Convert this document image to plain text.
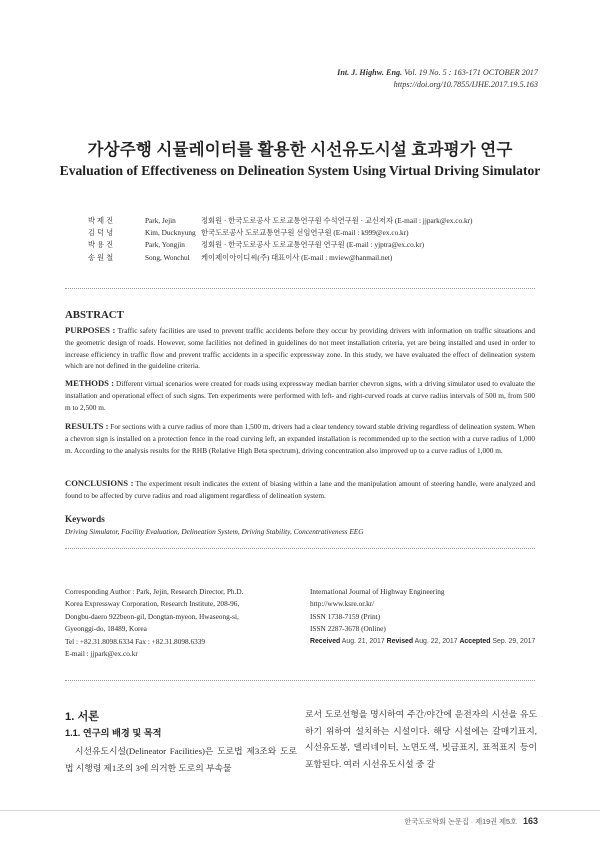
Int. J. Highw. Eng. Vol. 19 No. 5 : 163-171 OCTOBER 2017
https://doi.org/10.7855/IJHE.2017.19.5.163
가상주행 시뮬레이터를 활용한 시선유도시설 효과평가 연구
Evaluation of Effectiveness on Delineation System Using Virtual Driving Simulator
박제진	Park, Jejin	정회원 · 한국도로공사 도로교통연구원 수석연구원 · 교신저자 (E-mail : jjpark@ex.co.kr)
김덕녕	Kim, Ducknyung 한국도로공사 도로교통연구원 선임연구원 (E-mail : k999@ex.co.kr)
박용진	Park, Yongjin	정회원 · 한국도로공사 도로교통연구원 연구원 (E-mail : yjptra@ex.co.kr)
송원철	Song, Wonchul	케이제이아이디씨(주) 대표이사 (E-mail : mview@hanmail.net)
ABSTRACT

PURPOSES : Traffic safety facilities are used to prevent traffic accidents before they occur by providing drivers with information on traffic situations and the geometric design of roads. However, some facilities not defined in guidelines do not meet installation criteria, yet are being installed and used in order to increase efficiency in traffic flow and prevent traffic accidents in a specific expressway zone. In this study, we have evaluated the effect of delineation system which are not defined in the guideline criteria.

METHODS : Different virtual scenarios were created for roads using expressway median barrier chevron signs, with a driving simulator used to evaluate the installation and operational effect of such signs. Ten experiments were performed with left- and right-curved roads at curve radius intervals of 500 m, from 500 m to 2,500 m.

RESULTS : For sections with a curve radius of more than 1,500 m, drivers had a clear tendency toward stable driving regardless of delineation system. When a chevron sign is installed on a protection fence in the road curving left, an expanded installation is recommended up to the section with a curve radius of 1,000 m. According to the analysis results for the RHB (Relative High Beta spectrum), driving concentration also improved up to a curve radius of 1,000 m.

CONCLUSIONS : The experiment result indicates the extent of biasing within a lane and the manipulation amount of steering handle, were analyzed and found to be affected by curve radius and road alignment regardless of delineation system.

Keywords
Driving Simulator, Facility Evaluation, Delineation System, Driving Stability, Concentrativeness EEG
Corresponding Author : Park, Jejin, Research Director, Ph.D.
Korea Expressway Corporation, Research Institute, 208-96,
Dongbu-daero 922beon-gil, Dongtan-myeon, Hwaseong-si,
Gyeonggi-do, 18489, Korea
Tel : +82.31.8098.6334 Fax : +82.31.8098.6339
E-mail : jjpark@ex.co.kr
International Journal of Highway Engineering
http://www.ksre.or.kr/
ISSN 1738-7159 (Print)
ISSN 2287-3678 (Online)
Received Aug. 21, 2017 Revised Aug. 22, 2017 Accepted Sep. 29, 2017
1. 서론
1.1. 연구의 배경 및 목적

시선유도시설(Delineator Facilities)은 도로법 제3조와 도로법 시행령 제1조의 3에 의거한 도로의 부속물

로서 도로선형을 명시하여 주간/야간에 운전자의 시선을 유도하기 위하여 설치하는 시설이다. 해당 시설에는 갈매기표지, 시선유도봉, 델리네이터, 노면도색, 빗금표지, 표적표지 등이 포함된다. 여러 시선유도시설 중 갈

한국도로학회 논문집 · 제19권 제5호 163
